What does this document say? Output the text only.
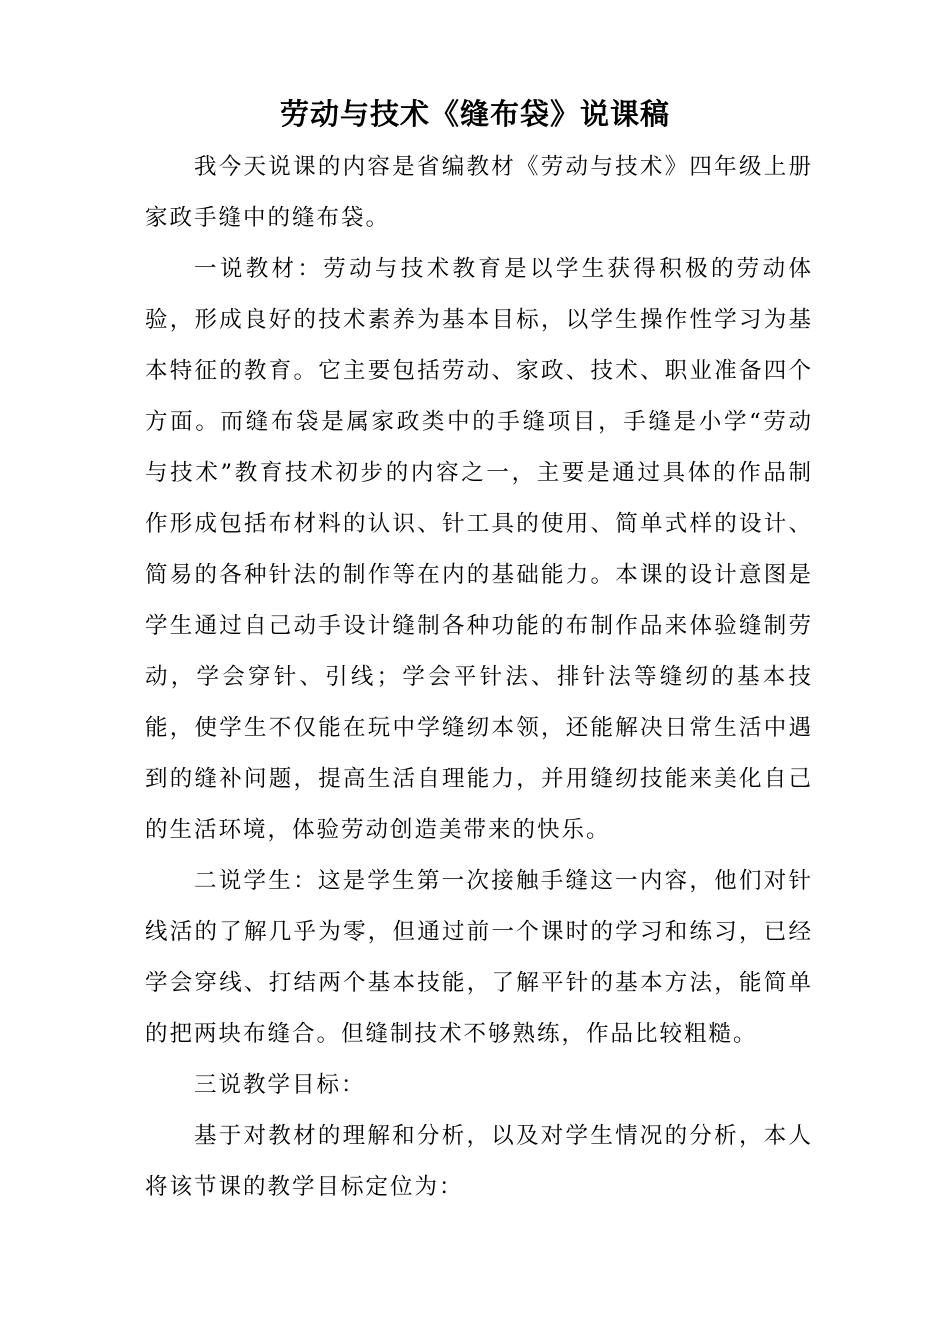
劳动与技术《缝布袋》说课稿

我今天说课的内容是省编教材《劳动与技术》四年级上册家政手缝中的缝布袋。

一说教材：劳动与技术教育是以学生获得积极的劳动体验，形成良好的技术素养为基本目标，以学生操作性学习为基本特征的教育。它主要包括劳动、家政、技术、职业准备四个方面。而缝布袋是属家政类中的手缝项目，手缝是小学“劳动与技术”教育技术初步的内容之一，主要是通过具体的作品制作形成包括布材料的认识、针工具的使用、简单式样的设计、简易的各种针法的制作等在内的基础能力。本课的设计意图是学生通过自己动手设计缝制各种功能的布制作品来体验缝制劳动，学会穿针、引线；学会平针法、排针法等缝纫的基本技能，使学生不仅能在玩中学缝纫本领，还能解决日常生活中遇到的缝补问题，提高生活自理能力，并用缝纫技能来美化自己的生活环境，体验劳动创造美带来的快乐。

二说学生：这是学生第一次接触手缝这一内容，他们对针线活的了解几乎为零，但通过前一个课时的学习和练习，已经学会穿线、打结两个基本技能，了解平针的基本方法，能简单的把两块布缝合。但缝制技术不够熟练，作品比较粗糙。

三说教学目标：

基于对教材的理解和分析，以及对学生情况的分析，本人将该节课的教学目标定位为：
